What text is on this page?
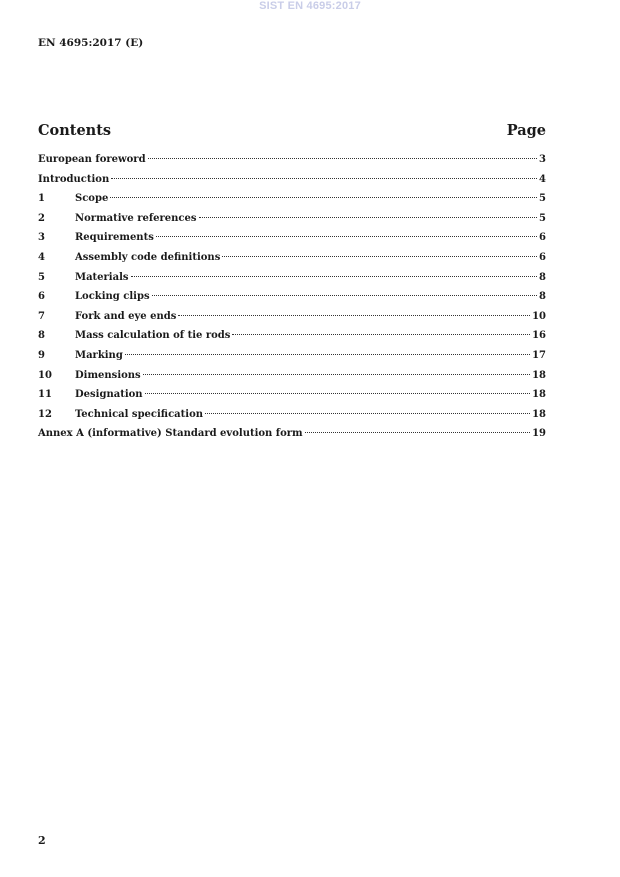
SIST EN 4695:2017
EN 4695:2017 (E)
Contents	Page
European foreword	3
Introduction	4
1	Scope	5
2	Normative references	5
3	Requirements	6
4	Assembly code definitions	6
5	Materials	8
6	Locking clips	8
7	Fork and eye ends	10
8	Mass calculation of tie rods	16
9	Marking	17
10	Dimensions	18
11	Designation	18
12	Technical specification	18
Annex A (informative) Standard evolution form	19
2
